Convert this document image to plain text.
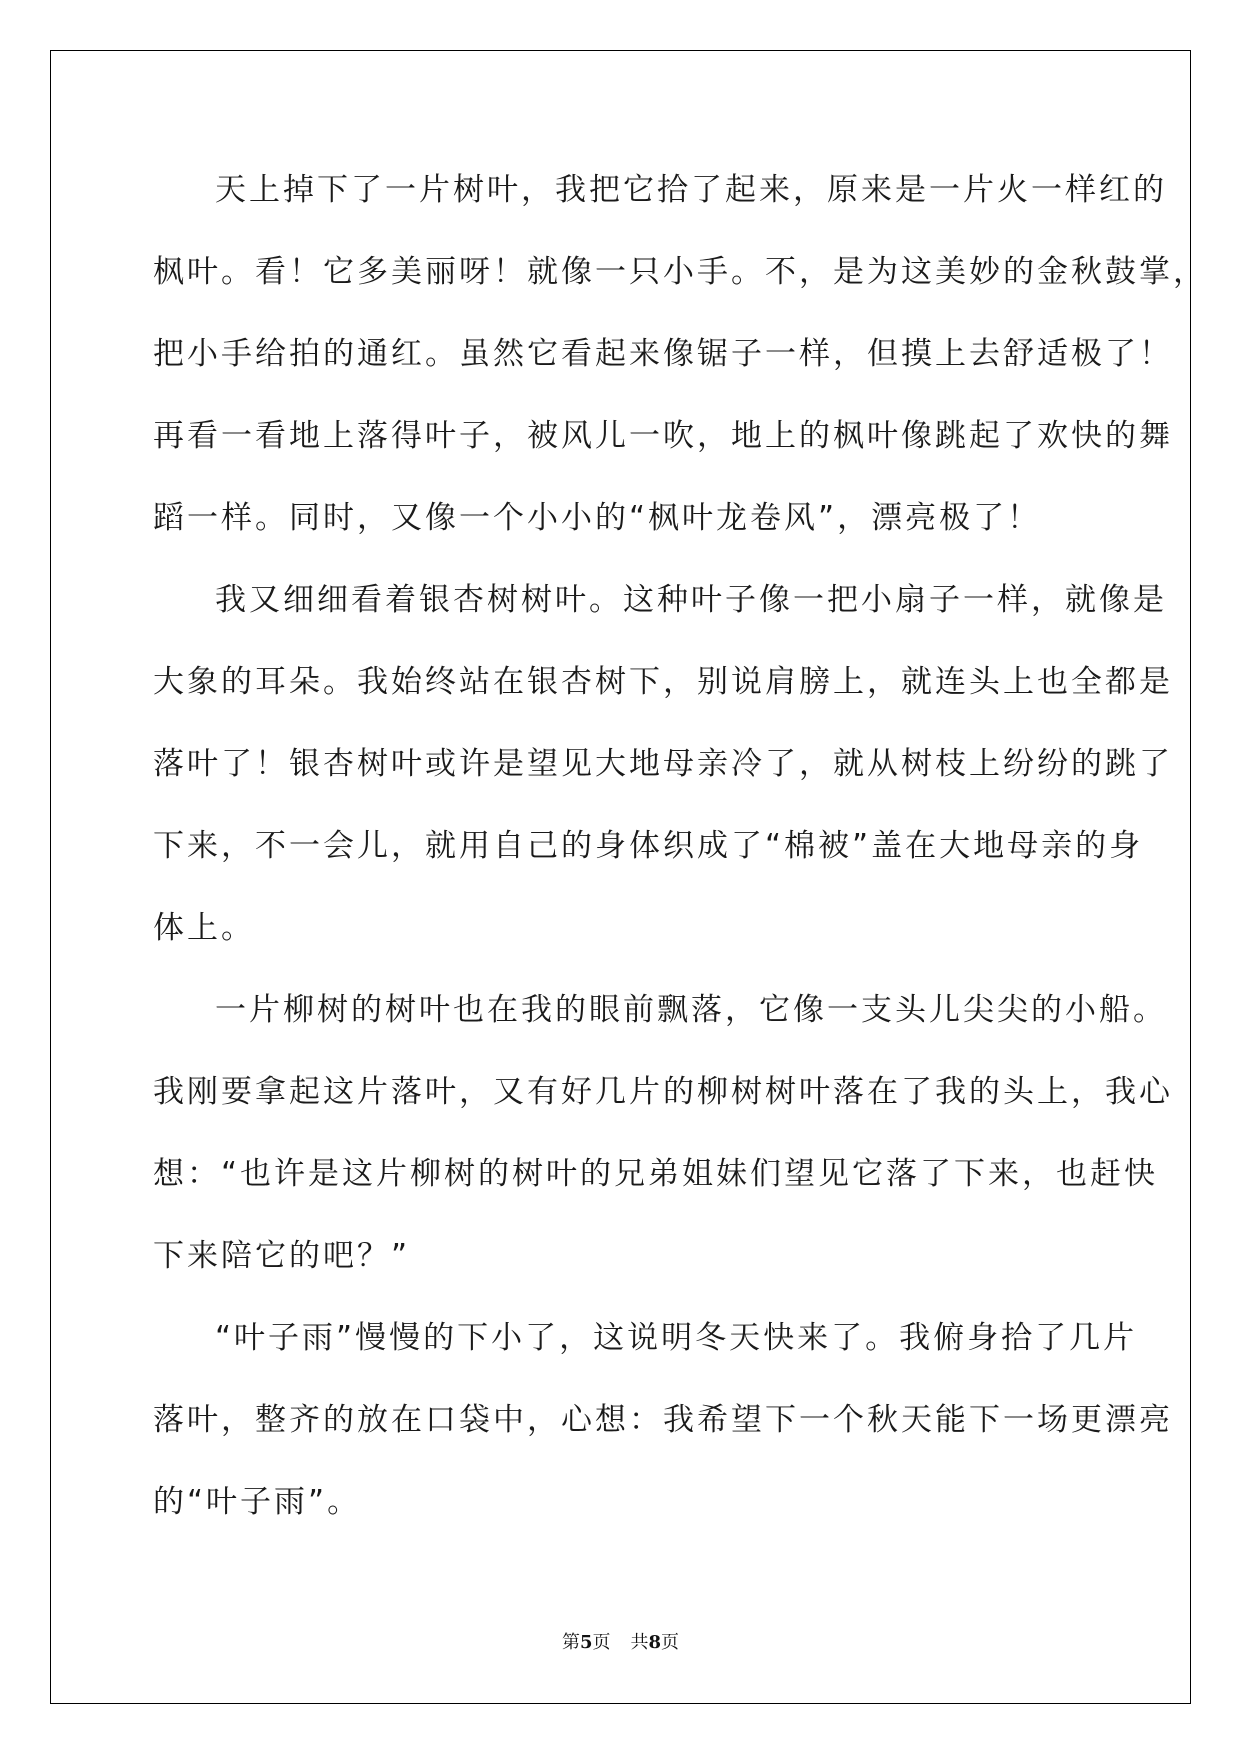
天上掉下了一片树叶，我把它拾了起来，原来是一片火一样红的
枫叶。看！它多美丽呀！就像一只小手。不，是为这美妙的金秋鼓掌，
把小手给拍的通红。虽然它看起来像锯子一样，但摸上去舒适极了！
再看一看地上落得叶子，被风儿一吹，地上的枫叶像跳起了欢快的舞
蹈一样。同时，又像一个小小的“枫叶龙卷风”，漂亮极了！
我又细细看着银杏树树叶。这种叶子像一把小扇子一样，就像是
大象的耳朵。我始终站在银杏树下，别说肩膀上，就连头上也全都是
落叶了！银杏树叶或许是望见大地母亲冷了，就从树枝上纷纷的跳了
下来，不一会儿，就用自己的身体织成了“棉被”盖在大地母亲的身
体上。
一片柳树的树叶也在我的眼前飘落，它像一支头儿尖尖的小船。
我刚要拿起这片落叶，又有好几片的柳树树叶落在了我的头上，我心
想：“也许是这片柳树的树叶的兄弟姐妹们望见它落了下来，也赶快
下来陪它的吧？”
“叶子雨”慢慢的下小了，这说明冬天快来了。我俯身拾了几片
落叶，整齐的放在口袋中，心想：我希望下一个秋天能下一场更漂亮
的“叶子雨”。
第5页 共8页
